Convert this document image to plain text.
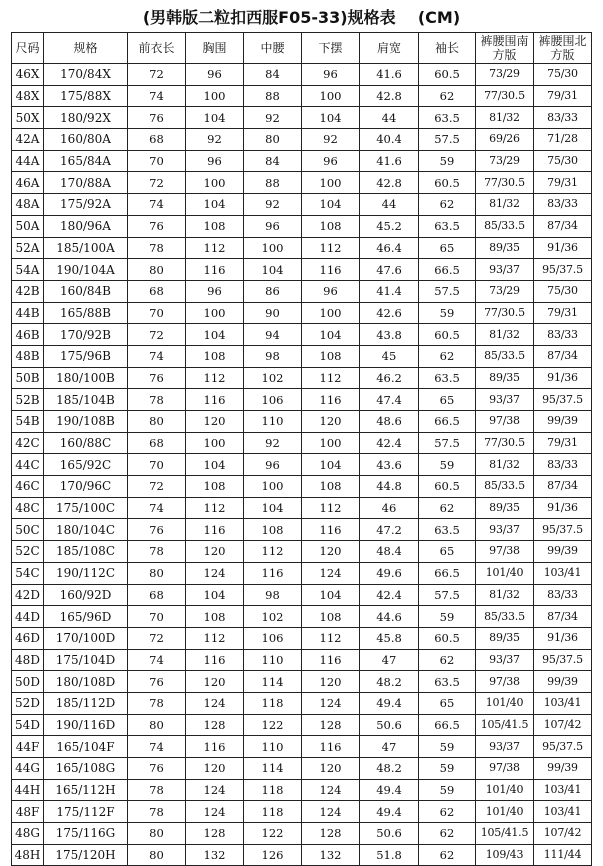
(男韩版二粒扣西服F05-33)规格表    (CM)
尺码	规格	前衣长	胸围	中腰	下摆	肩宽	袖长	裤腰围南方版	裤腰围北方版
46X	170/84X	72	96	84	96	41.6	60.5	73/29	75/30
48X	175/88X	74	100	88	100	42.8	62	77/30.5	79/31
50X	180/92X	76	104	92	104	44	63.5	81/32	83/33
42A	160/80A	68	92	80	92	40.4	57.5	69/26	71/28
44A	165/84A	70	96	84	96	41.6	59	73/29	75/30
46A	170/88A	72	100	88	100	42.8	60.5	77/30.5	79/31
48A	175/92A	74	104	92	104	44	62	81/32	83/33
50A	180/96A	76	108	96	108	45.2	63.5	85/33.5	87/34
52A	185/100A	78	112	100	112	46.4	65	89/35	91/36
54A	190/104A	80	116	104	116	47.6	66.5	93/37	95/37.5
42B	160/84B	68	96	86	96	41.4	57.5	73/29	75/30
44B	165/88B	70	100	90	100	42.6	59	77/30.5	79/31
46B	170/92B	72	104	94	104	43.8	60.5	81/32	83/33
48B	175/96B	74	108	98	108	45	62	85/33.5	87/34
50B	180/100B	76	112	102	112	46.2	63.5	89/35	91/36
52B	185/104B	78	116	106	116	47.4	65	93/37	95/37.5
54B	190/108B	80	120	110	120	48.6	66.5	97/38	99/39
42C	160/88C	68	100	92	100	42.4	57.5	77/30.5	79/31
44C	165/92C	70	104	96	104	43.6	59	81/32	83/33
46C	170/96C	72	108	100	108	44.8	60.5	85/33.5	87/34
48C	175/100C	74	112	104	112	46	62	89/35	91/36
50C	180/104C	76	116	108	116	47.2	63.5	93/37	95/37.5
52C	185/108C	78	120	112	120	48.4	65	97/38	99/39
54C	190/112C	80	124	116	124	49.6	66.5	101/40	103/41
42D	160/92D	68	104	98	104	42.4	57.5	81/32	83/33
44D	165/96D	70	108	102	108	44.6	59	85/33.5	87/34
46D	170/100D	72	112	106	112	45.8	60.5	89/35	91/36
48D	175/104D	74	116	110	116	47	62	93/37	95/37.5
50D	180/108D	76	120	114	120	48.2	63.5	97/38	99/39
52D	185/112D	78	124	118	124	49.4	65	101/40	103/41
54D	190/116D	80	128	122	128	50.6	66.5	105/41.5	107/42
44F	165/104F	74	116	110	116	47	59	93/37	95/37.5
44G	165/108G	76	120	114	120	48.2	59	97/38	99/39
44H	165/112H	78	124	118	124	49.4	59	101/40	103/41
48F	175/112F	78	124	118	124	49.4	62	101/40	103/41
48G	175/116G	80	128	122	128	50.6	62	105/41.5	107/42
48H	175/120H	80	132	126	132	51.8	62	109/43	111/44
